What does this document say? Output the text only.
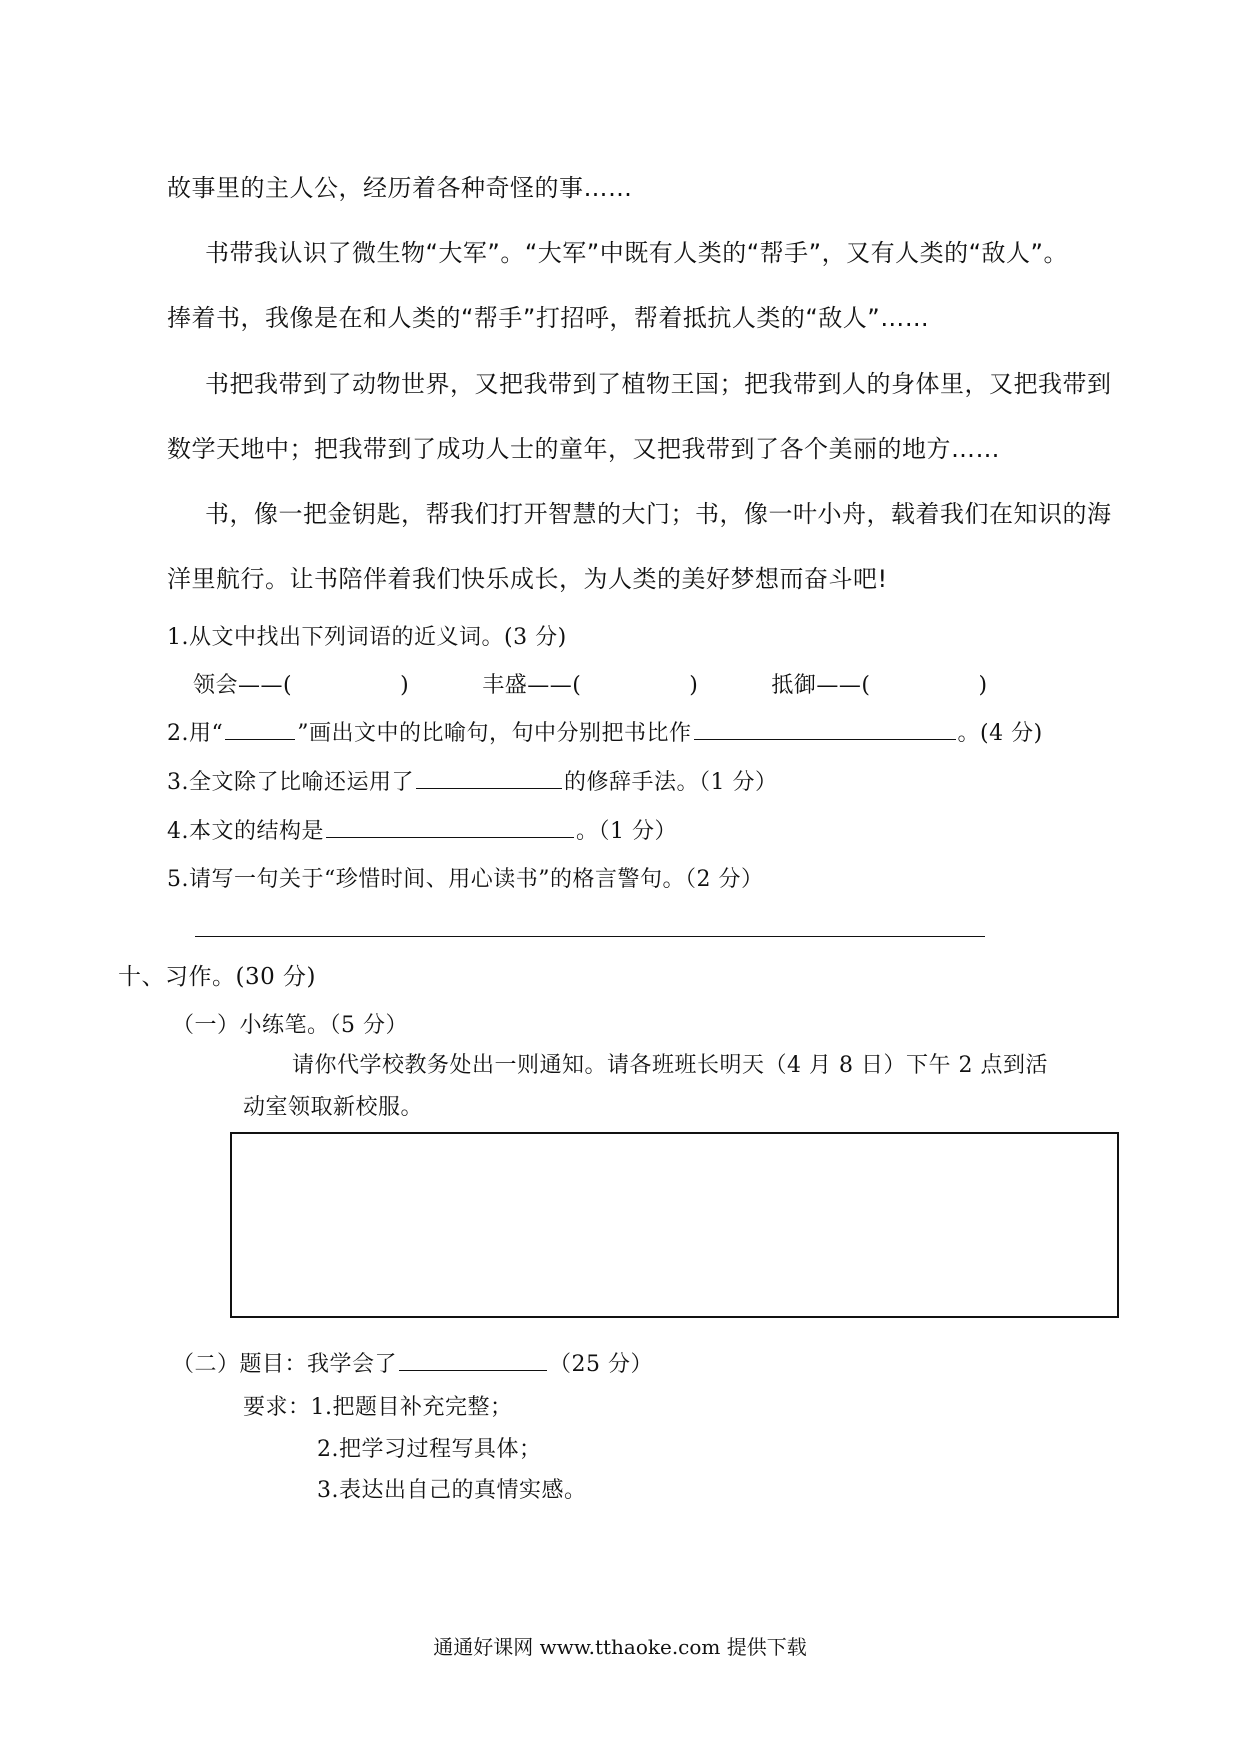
故事里的主人公，经历着各种奇怪的事……
书带我认识了微生物“大军”。“大军”中既有人类的“帮手”，又有人类的“敌人”。
捧着书，我像是在和人类的“帮手”打招呼，帮着抵抗人类的“敌人”……
书把我带到了动物世界，又把我带到了植物王国；把我带到人的身体里，又把我带到
数学天地中；把我带到了成功人士的童年，又把我带到了各个美丽的地方……
书，像一把金钥匙，帮我们打开智慧的大门；书，像一叶小舟，载着我们在知识的海
洋里航行。让书陪伴着我们快乐成长，为人类的美好梦想而奋斗吧!
1.从文中找出下列词语的近义词。(3 分)
领会——(	)	丰盛——(	)	抵御——(	)
2.用“	”画出文中的比喻句，句中分别把书比作	。(4 分)
3.全文除了比喻还运用了	的修辞手法。（1 分）
4.本文的结构是	。（1 分）
5.请写一句关于“珍惜时间、用心读书”的格言警句。（2 分）
十、习作。(30 分)
（一）小练笔。（5 分）
请你代学校教务处出一则通知。请各班班长明天（4 月 8 日）下午 2 点到活
动室领取新校服。
（二）题目：我学会了	（25 分）
要求：1.把题目补充完整；
2.把学习过程写具体；
3.表达出自己的真情实感。
通通好课网 www.tthaoke.com 提供下载
